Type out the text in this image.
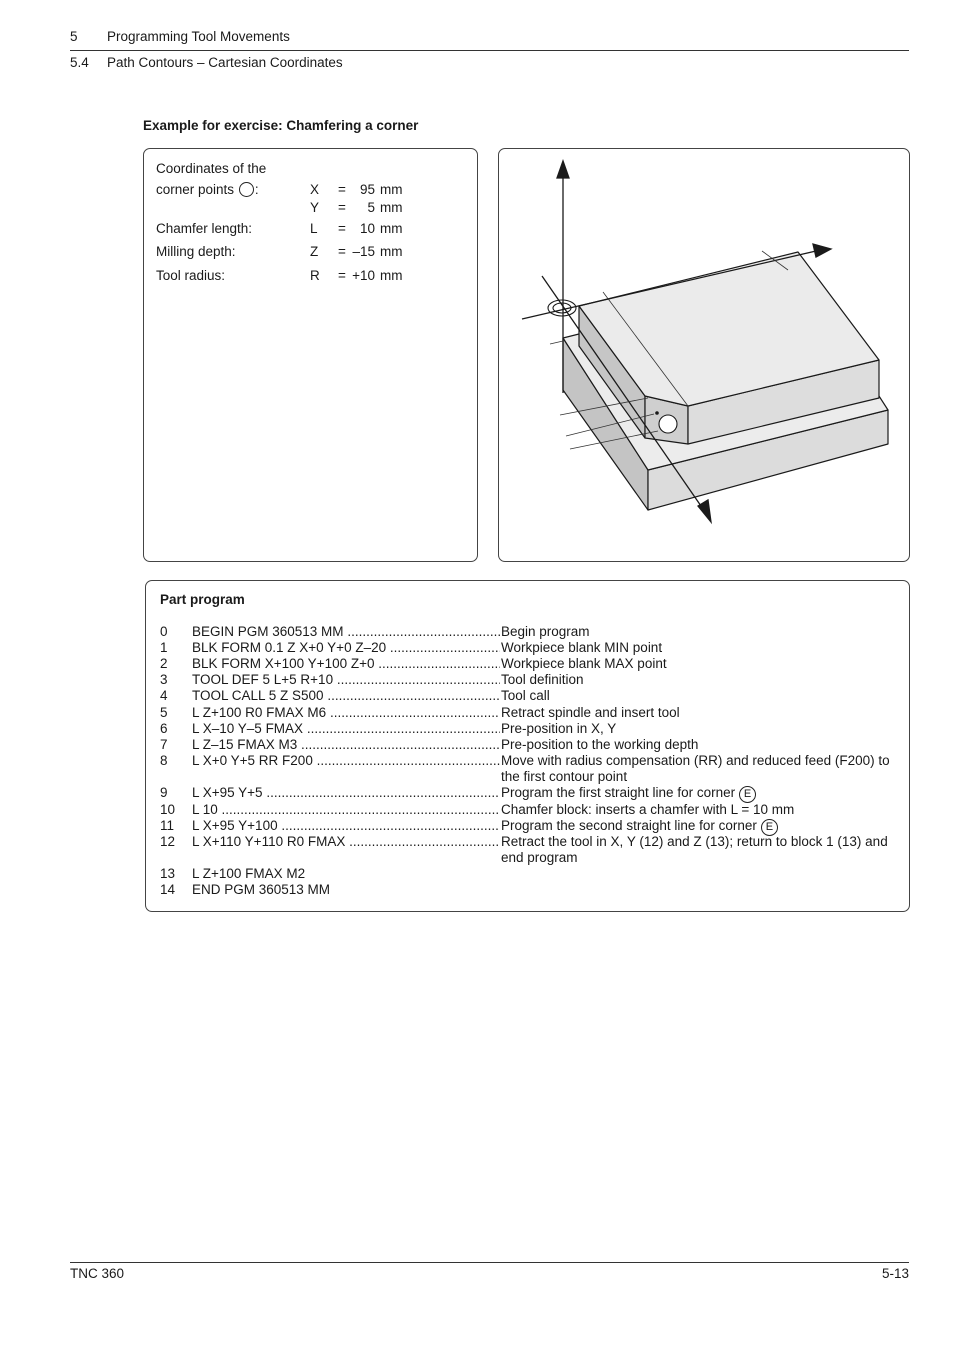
5 Programming Tool Movements
5.4 Path Contours – Cartesian Coordinates
Example for exercise: Chamfering a corner
Coordinates of the
corner points :	X =	95 mm
Y =	5 mm
Chamfer length:	L =	10 mm
Milling depth:	Z = –15 mm
Tool radius:	R = +10 mm
Part program
0 BEGIN PGM 360513 MM .....	Begin program
1 BLK FORM 0.1 Z X+0 Y+0 Z–20 .....	Workpiece blank MIN point
2 BLK FORM X+100 Y+100 Z+0 .....	Workpiece blank MAX point
3 TOOL DEF 5 L+5 R+10 .....	Tool definition
4 TOOL CALL 5 Z S500 .....	Tool call
5 L Z+100 R0 FMAX M6 .....	Retract spindle and insert tool
6 L X–10 Y–5 FMAX .....	Pre-position in X, Y
7 L Z–15 FMAX M3 .....	Pre-position to the working depth
8 L X+0 Y+5 RR F200 .....	Move with radius compensation (RR) and reduced feed (F200) to the first contour point
9 L X+95 Y+5 .....	Program the first straight line for corner E
10 L 10 .....	Chamfer block: inserts a chamfer with L = 10 mm
11 L X+95 Y+100 .....	Program the second straight line for corner E
12 L X+110 Y+110 R0 FMAX .....	Retract the tool in X, Y (12) and Z (13); return to block 1 (13) and end program
13 L Z+100 FMAX M2
14 END PGM 360513 MM
TNC 360	5-13
